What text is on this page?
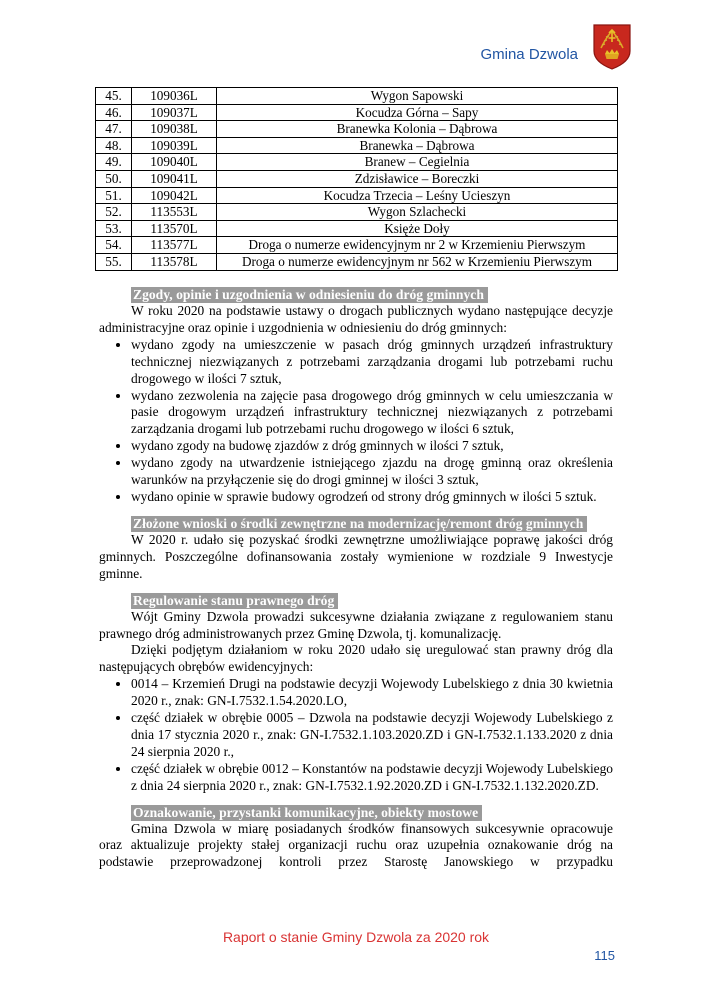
Gmina Dzwola
45.	109036L	Wygon Sapowski
46.	109037L	Kocudza Górna – Sapy
47.	109038L	Branewka Kolonia – Dąbrowa
48.	109039L	Branewka – Dąbrowa
49.	109040L	Branew – Cegielnia
50.	109041L	Zdzisławice – Boreczki
51.	109042L	Kocudza Trzecia – Leśny Ucieszyn
52.	113553L	Wygon Szlachecki
53.	113570L	Księże Doły
54.	113577L	Droga o numerze ewidencyjnym nr 2 w Krzemieniu Pierwszym
55.	113578L	Droga o numerze ewidencyjnym nr 562 w Krzemieniu Pierwszym
Zgody, opinie i uzgodnienia w odniesieniu do dróg gminnych

W roku 2020 na podstawie ustawy o drogach publicznych wydano następujące decyzje administracyjne oraz opinie i uzgodnienia w odniesieniu do dróg gminnych:

• wydano zgody na umieszczenie w pasach dróg gminnych urządzeń infrastruktury technicznej niezwiązanych z potrzebami zarządzania drogami lub potrzebami ruchu drogowego w ilości 7 sztuk,
• wydano zezwolenia na zajęcie pasa drogowego dróg gminnych w celu umieszczania w pasie drogowym urządzeń infrastruktury technicznej niezwiązanych z potrzebami zarządzania drogami lub potrzebami ruchu drogowego w ilości 6 sztuk,
• wydano zgody na budowę zjazdów z dróg gminnych w ilości 7 sztuk,
• wydano zgody na utwardzenie istniejącego zjazdu na drogę gminną oraz określenia warunków na przyłączenie się do drogi gminnej w ilości 3 sztuk,
• wydano opinie w sprawie budowy ogrodzeń od strony dróg gminnych w ilości 5 sztuk.
Złożone wnioski o środki zewnętrzne na modernizację/remont dróg gminnych

W 2020 r. udało się pozyskać środki zewnętrzne umożliwiające poprawę jakości dróg gminnych. Poszczególne dofinansowania zostały wymienione w rozdziale 9 Inwestycje gminne.

Regulowanie stanu prawnego dróg

Wójt Gminy Dzwola prowadzi sukcesywne działania związane z regulowaniem stanu prawnego dróg administrowanych przez Gminę Dzwola, tj. komunalizację.

Dzięki podjętym działaniom w roku 2020 udało się uregulować stan prawny dróg dla następujących obrębów ewidencyjnych:

• 0014 – Krzemień Drugi na podstawie decyzji Wojewody Lubelskiego z dnia 30 kwietnia 2020 r., znak: GN-I.7532.1.54.2020.LO,
• część działek w obrębie 0005 – Dzwola na podstawie decyzji Wojewody Lubelskiego z dnia 17 stycznia 2020 r., znak: GN-I.7532.1.103.2020.ZD i GN-I.7532.1.133.2020 z dnia 24 sierpnia 2020 r.,
• część działek w obrębie 0012 – Konstantów na podstawie decyzji Wojewody Lubelskiego z dnia 24 sierpnia 2020 r., znak: GN-I.7532.1.92.2020.ZD i GN-I.7532.1.132.2020.ZD.
Oznakowanie, przystanki komunikacyjne, obiekty mostowe

Gmina Dzwola w miarę posiadanych środków finansowych sukcesywnie opracowuje oraz aktualizuje projekty stałej organizacji ruchu oraz uzupełnia oznakowanie dróg na podstawie przeprowadzonej kontroli przez Starostę Janowskiego w przypadku

Raport o stanie Gminy Dzwola za 2020 rok
115
